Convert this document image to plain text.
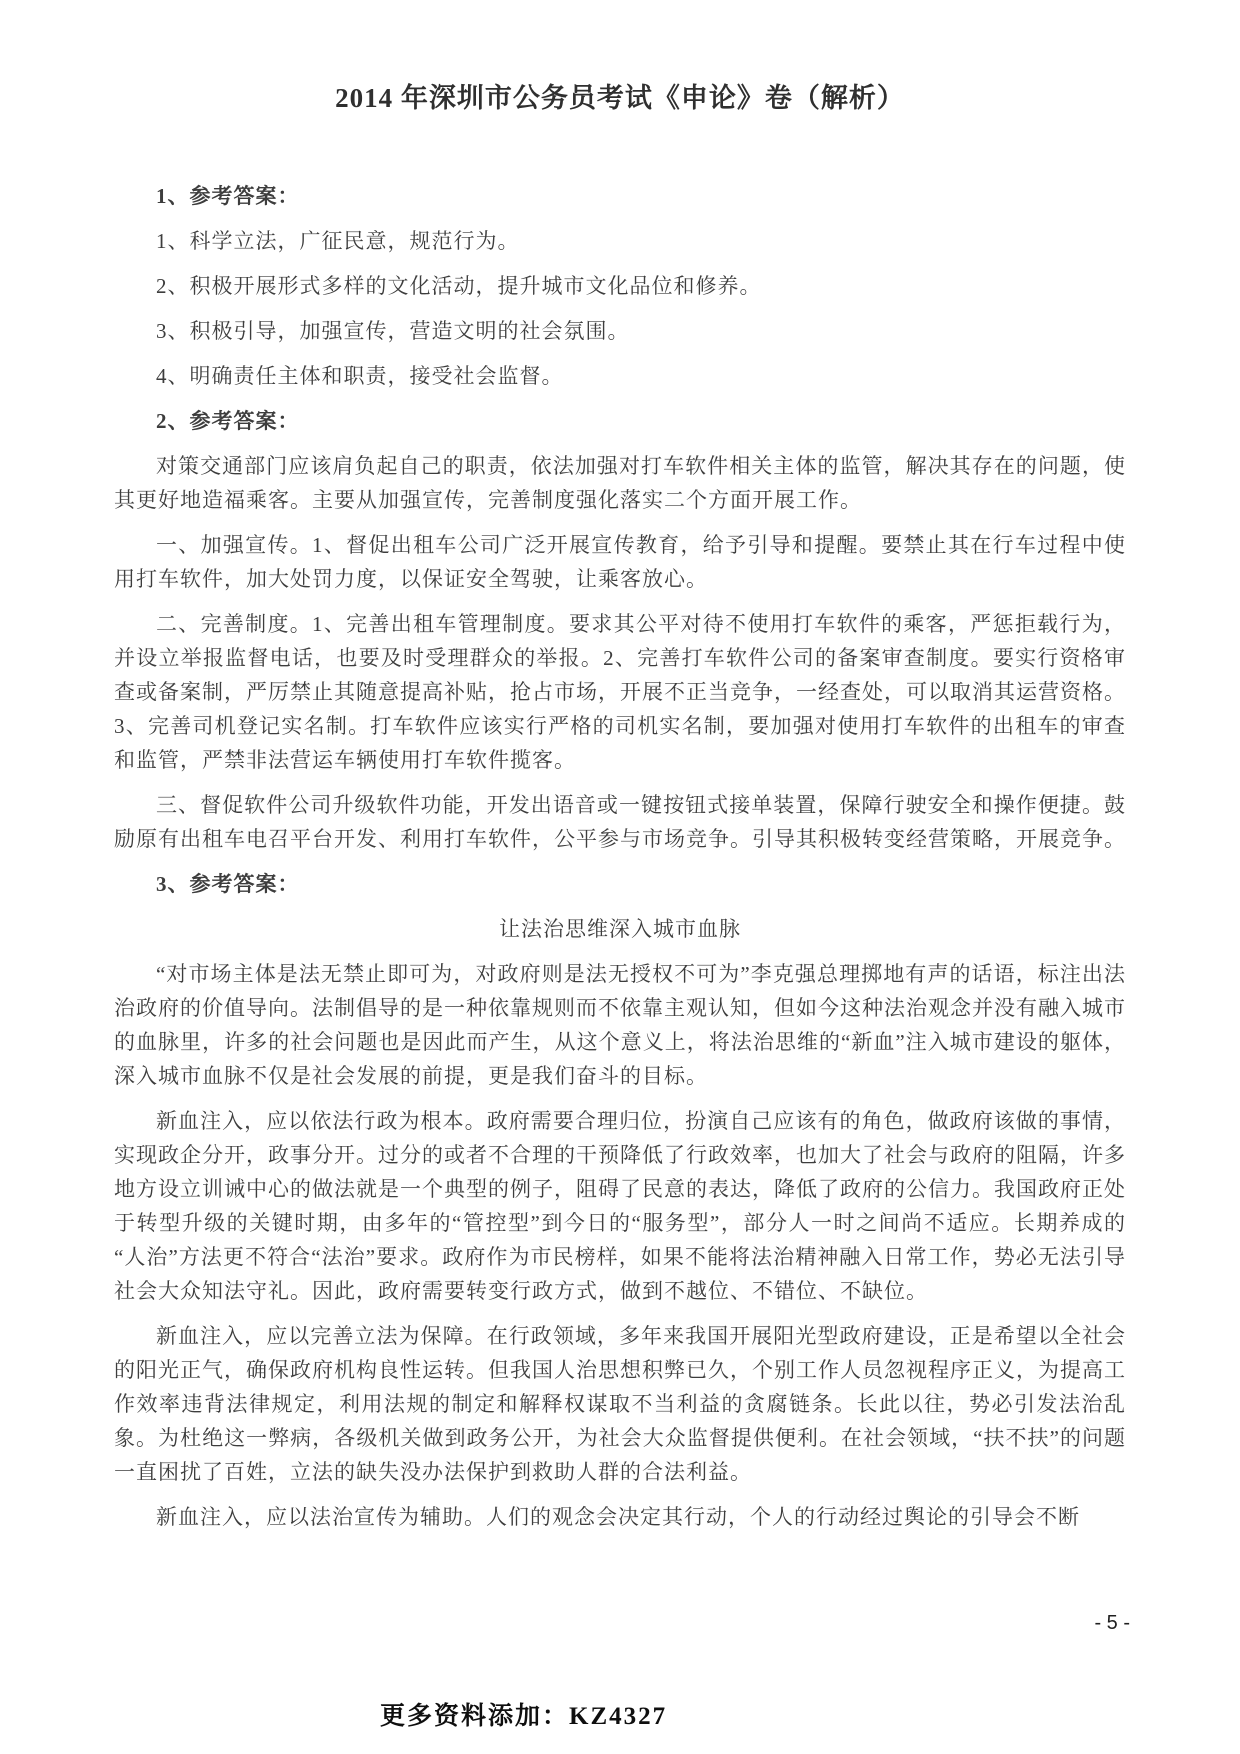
2014 年深圳市公务员考试《申论》卷（解析）

1、参考答案：

1、科学立法，广征民意，规范行为。

2、积极开展形式多样的文化活动，提升城市文化品位和修养。

3、积极引导，加强宣传，营造文明的社会氛围。

4、明确责任主体和职责，接受社会监督。

2、参考答案：

对策交通部门应该肩负起自己的职责，依法加强对打车软件相关主体的监管，解决其存在的问题，使其更好地造福乘客。主要从加强宣传，完善制度强化落实二个方面开展工作。

一、加强宣传。1、督促出租车公司广泛开展宣传教育，给予引导和提醒。要禁止其在行车过程中使用打车软件，加大处罚力度，以保证安全驾驶，让乘客放心。

二、完善制度。1、完善出租车管理制度。要求其公平对待不使用打车软件的乘客，严惩拒载行为，并设立举报监督电话，也要及时受理群众的举报。2、完善打车软件公司的备案审查制度。要实行资格审查或备案制，严厉禁止其随意提高补贴，抢占市场，开展不正当竞争，一经查处，可以取消其运营资格。3、完善司机登记实名制。打车软件应该实行严格的司机实名制，要加强对使用打车软件的出租车的审查和监管，严禁非法营运车辆使用打车软件揽客。

三、督促软件公司升级软件功能，开发出语音或一键按钮式接单装置，保障行驶安全和操作便捷。鼓励原有出租车电召平台开发、利用打车软件，公平参与市场竞争。引导其积极转变经营策略，开展竞争。

3、参考答案：

让法治思维深入城市血脉

“对市场主体是法无禁止即可为，对政府则是法无授权不可为”李克强总理掷地有声的话语，标注出法治政府的价值导向。法制倡导的是一种依靠规则而不依靠主观认知，但如今这种法治观念并没有融入城市的血脉里，许多的社会问题也是因此而产生，从这个意义上，将法治思维的“新血”注入城市建设的躯体，深入城市血脉不仅是社会发展的前提，更是我们奋斗的目标。

新血注入，应以依法行政为根本。政府需要合理归位，扮演自己应该有的角色，做政府该做的事情，实现政企分开，政事分开。过分的或者不合理的干预降低了行政效率，也加大了社会与政府的阻隔，许多地方设立训诫中心的做法就是一个典型的例子，阻碍了民意的表达，降低了政府的公信力。我国政府正处于转型升级的关键时期，由多年的“管控型”到今日的“服务型”，部分人一时之间尚不适应。长期养成的“人治”方法更不符合“法治”要求。政府作为市民榜样，如果不能将法治精神融入日常工作，势必无法引导社会大众知法守礼。因此，政府需要转变行政方式，做到不越位、不错位、不缺位。

新血注入，应以完善立法为保障。在行政领域，多年来我国开展阳光型政府建设，正是希望以全社会的阳光正气，确保政府机构良性运转。但我国人治思想积弊已久，个别工作人员忽视程序正义，为提高工作效率违背法律规定，利用法规的制定和解释权谋取不当利益的贪腐链条。长此以往，势必引发法治乱象。为杜绝这一弊病，各级机关做到政务公开，为社会大众监督提供便利。在社会领域，“扶不扶”的问题一直困扰了百姓，立法的缺失没办法保护到救助人群的合法利益。

新血注入，应以法治宣传为辅助。人们的观念会决定其行动，个人的行动经过舆论的引导会不断

- 5 -
更多资料添加：KZ4327
